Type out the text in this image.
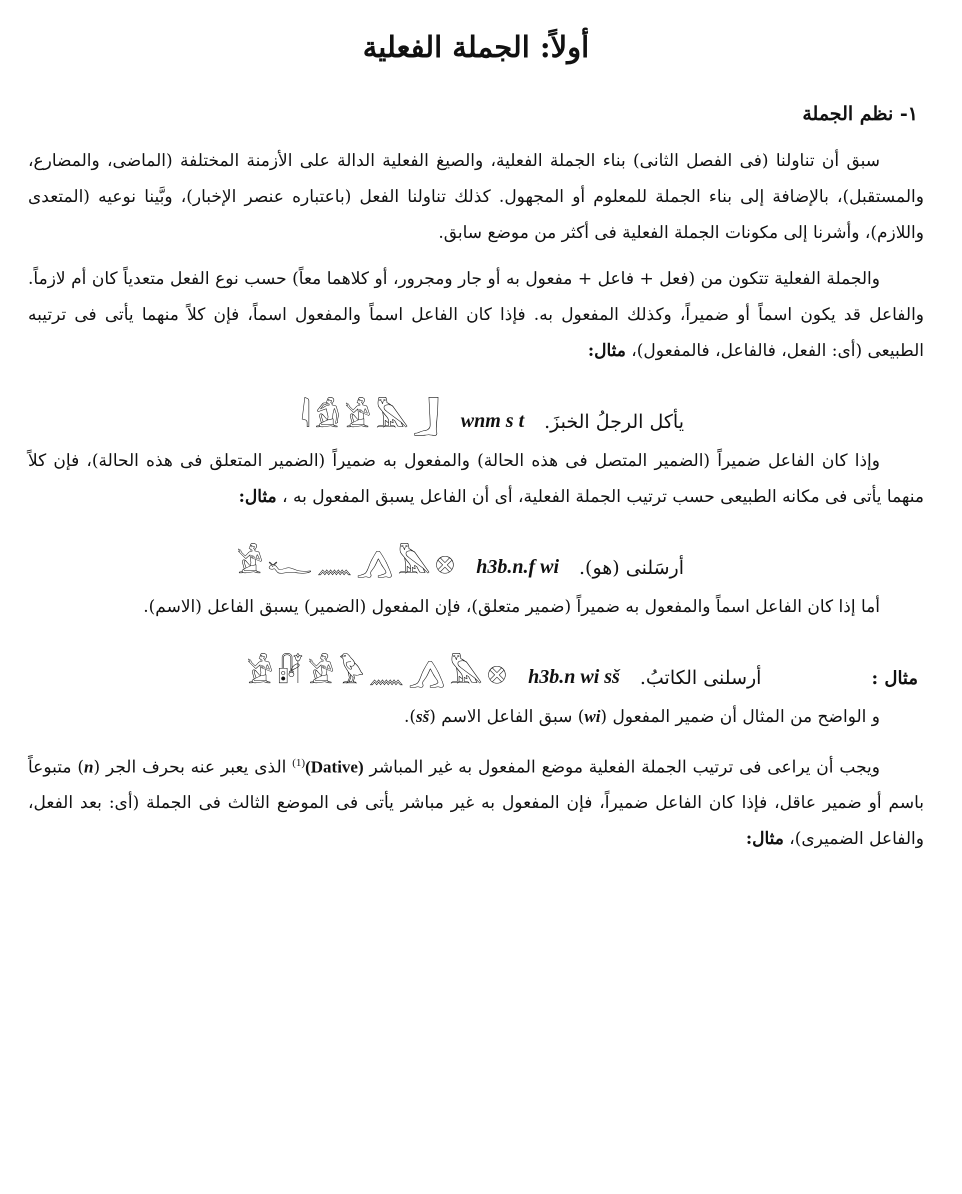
أولاً: الجملة الفعلية
١- نظم الجملة

سبق أن تناولنا (فى الفصل الثانى) بناء الجملة الفعلية، والصيغ الفعلية الدالة على الأزمنة المختلفة (الماضى، والمضارع، والمستقبل)، بالإضافة إلى بناء الجملة للمعلوم أو المجهول. كذلك تناولنا الفعل (باعتباره عنصر الإخبار)، وبَّينا نوعيه (المتعدى واللازم)، وأشرنا إلى مكونات الجملة الفعلية فى أكثر من موضع سابق.

والجملة الفعلية تتكون من (فعل + فاعل + مفعول به أو جار ومجرور، أو كلاهما معاً) حسب نوع الفعل متعدياً كان أم لازماً. والفاعل قد يكون اسماً أو ضميراً، وكذلك المفعول به. فإذا كان الفاعل اسماً والمفعول اسماً، فإن كلاً منهما يأتى فى ترتيبه الطبيعى (أى: الفعل، فالفاعل، فالمفعول)، مثال:

يأكل الرجلُ الخبزَ.
wnm s t
𓇋 𓀁 𓀀 𓅓 𓃀

وإذا كان الفاعل ضميراً (الضمير المتصل فى هذه الحالة) والمفعول به ضميراً (الضمير المتعلق فى هذه الحالة)، فإن كلاً منهما يأتى فى مكانه الطبيعى حسب ترتيب الجملة الفعلية، أى أن الفاعل يسبق المفعول به ، مثال:

أرسَلنى (هو).
h3b.n.f wi
𓀀 𓆑 𓈖 𓂻 𓅓 𓊖

أما إذا كان الفاعل اسماً والمفعول به ضميراً (ضمير متعلق)، فإن المفعول (الضمير) يسبق الفاعل (الاسم).

مثال :
أرسلنى الكاتبُ.
h3b.n wi sš
𓀀 𓏞 𓀀 𓅱 𓈖 𓂻 𓅓 𓊖

و الواضح من المثال أن ضمير المفعول (wi) سبق الفاعل الاسم (sš).

ويجب أن يراعى فى ترتيب الجملة الفعلية موضع المفعول به غير المباشر (Dative)$^{(1)}$ الذى يعبر عنه بحرف الجر (n) متبوعاً باسم أو ضمير عاقل، فإذا كان الفاعل ضميراً، فإن المفعول به غير مباشر يأتى فى الموضع الثالث فى الجملة (أى: بعد الفعل، والفاعل الضميرى)، مثال:
